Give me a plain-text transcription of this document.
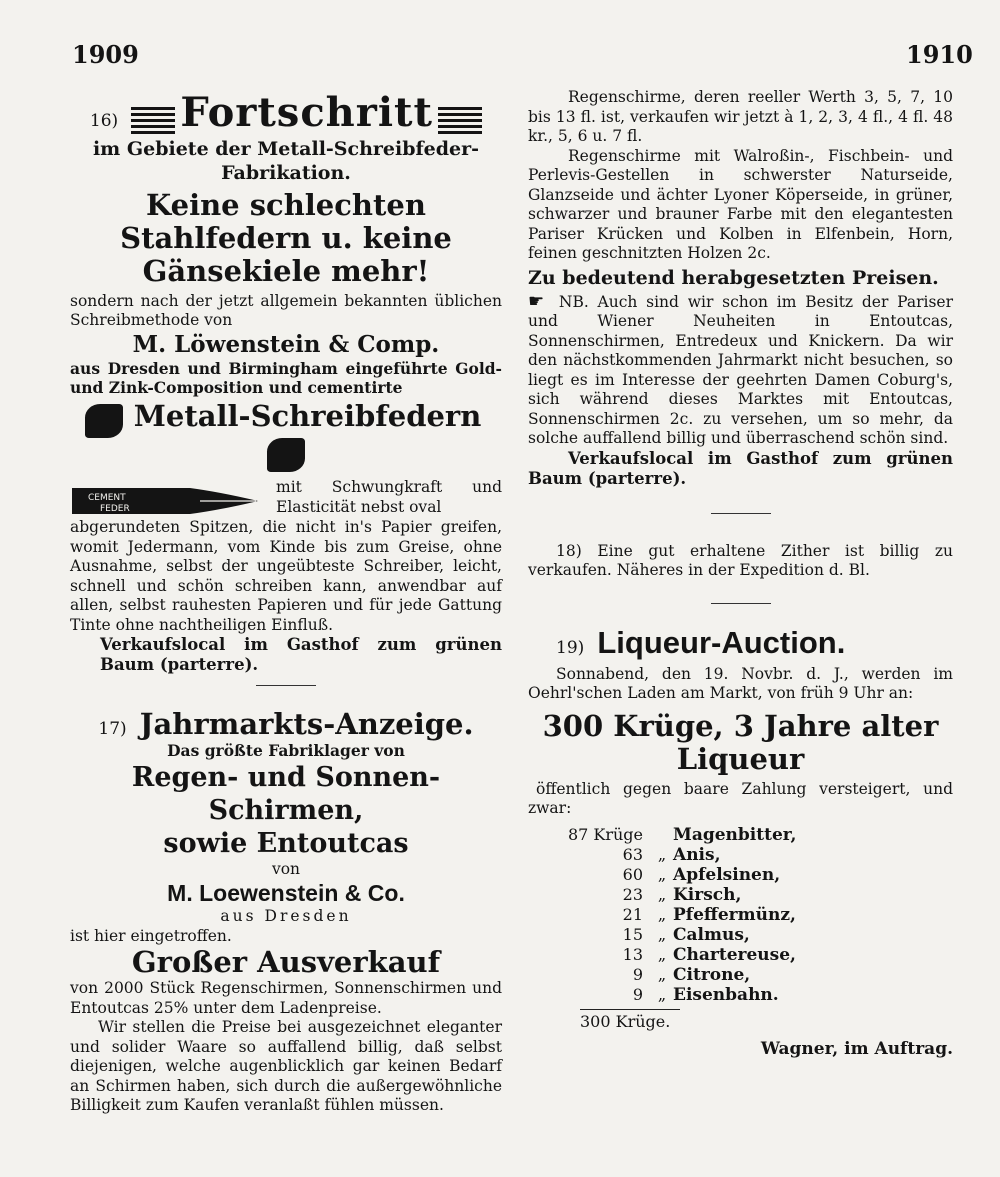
1909	1910
16) Fortschritt

im Gebiete der Metall-Schreibfeder-Fabrikation.

Keine schlechten Stahlfedern u. keine Gänsekiele mehr!

sondern nach der jetzt allgemein bekannten üblichen Schreibmethode von

M. Löwenstein & Comp.

aus Dresden und Birmingham eingeführte Gold- und Zink-Composition und cementirte

Metall-Schreibfedern
CEMENT
FEDER

mit Schwungkraft und Elasticität nebst oval

abgerundeten Spitzen, die nicht in's Papier greifen, womit Jedermann, vom Kinde bis zum Greise, ohne Ausnahme, selbst der ungeübteste Schreiber, leicht, schnell und schön schreiben kann, anwendbar auf allen, selbst rauhesten Papieren und für jede Gattung Tinte ohne nachtheiligen Einfluß.

Verkaufslocal im Gasthof zum grünen Baum (parterre).

17) Jahrmarkts-Anzeige.

Das größte Fabriklager von

Regen- und Sonnen-Schirmen,

sowie Entoutcas

von

M. Loewenstein & Co.

aus Dresden

ist hier eingetroffen.

Großer Ausverkauf

von 2000 Stück Regenschirmen, Sonnenschirmen und Entoutcas 25% unter dem Ladenpreise.

Wir stellen die Preise bei ausgezeichnet eleganter und solider Waare so auffallend billig, daß selbst diejenigen, welche augenblicklich gar keinen Bedarf an Schirmen haben, sich durch die außergewöhnliche Billigkeit zum Kaufen veranlaßt fühlen müssen.

Regenschirme, deren reeller Werth 3, 5, 7, 10 bis 13 fl. ist, verkaufen wir jetzt à 1, 2, 3, 4 fl., 4 fl. 48 kr., 5, 6 u. 7 fl.

Regenschirme mit Walroßin-, Fischbein- und Perlevis-Gestellen in schwerster Naturseide, Glanzseide und ächter Lyoner Köperseide, in grüner, schwarzer und brauner Farbe mit den elegantesten Pariser Krücken und Kolben in Elfenbein, Horn, feinen geschnitzten Holzen 2c.

Zu bedeutend herabgesetzten Preisen.

☛ NB. Auch sind wir schon im Besitz der Pariser und Wiener Neuheiten in Entoutcas, Sonnenschirmen, Entredeux und Knickern. Da wir den nächstkommenden Jahrmarkt nicht besuchen, so liegt es im Interesse der geehrten Damen Coburg's, sich während dieses Marktes mit Entoutcas, Sonnenschirmen 2c. zu versehen, um so mehr, da solche auffallend billig und überraschend schön sind.

Verkaufslocal im Gasthof zum grünen Baum (parterre).

18) Eine gut erhaltene Zither ist billig zu verkaufen. Näheres in der Expedition d. Bl.

19) Liqueur-Auction.

Sonnabend, den 19. Novbr. d. J., werden im Oehrl'schen Laden am Markt, von früh 9 Uhr an:

300 Krüge, 3 Jahre alter

Liqueur

öffentlich gegen baare Zahlung versteigert, und zwar:

87 Krüge	Magenbitter,
63 „ Anis,
60 „ Apfelsinen,
23 „ Kirsch,
21 „ Pfeffermünz,
15 „ Calmus,
13 „ Chartereuse,
9 „ Citrone,
9 „ Eisenbahn.
300 Krüge.

Wagner, im Auftrag.
